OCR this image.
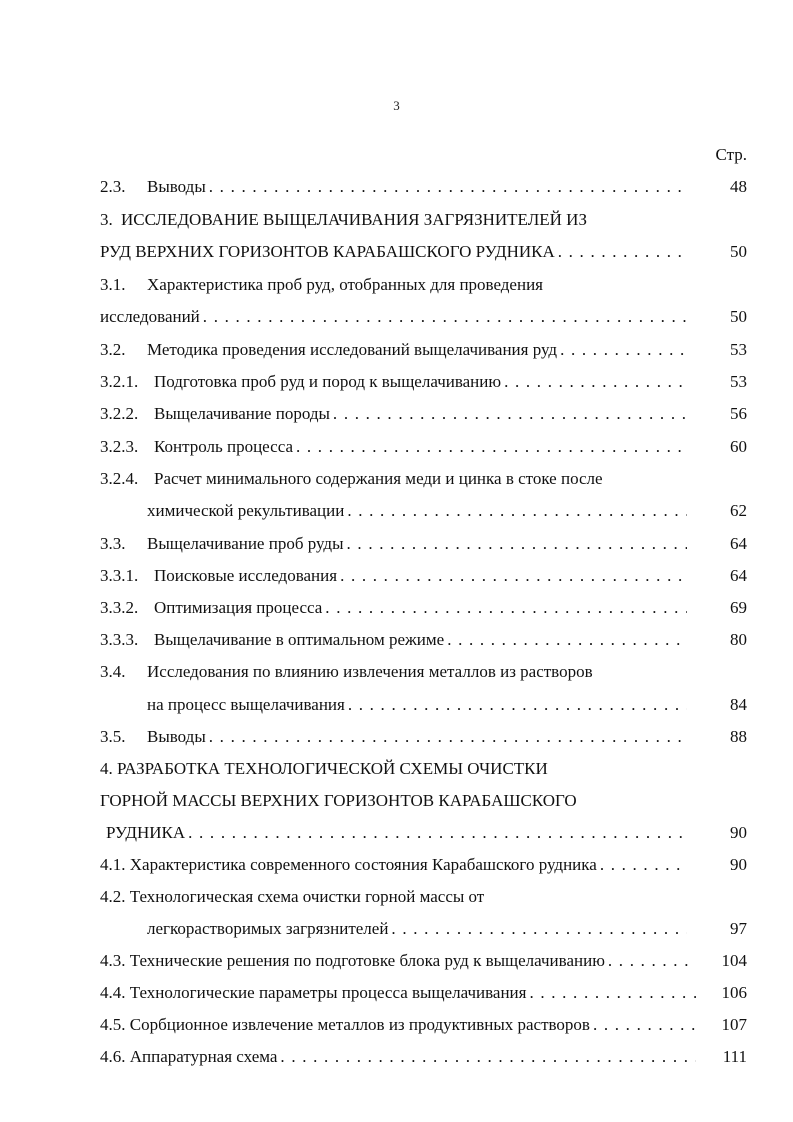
3
Стр.
2.3. Выводы . . .	48
3. ИССЛЕДОВАНИЕ ВЫЩЕЛАЧИВАНИЯ ЗАГРЯЗНИТЕЛЕЙ ИЗ
РУД ВЕРХНИХ ГОРИЗОНТОВ КАРАБАШСКОГО РУДНИКА . . .	50
3.1. Характеристика проб руд, отобранных для проведения
исследований . . .	50
3.2. Методика проведения исследований выщелачивания руд . . .	53
3.2.1. Подготовка проб руд и пород к выщелачиванию . . .	53
3.2.2. Выщелачивание породы . . .	56
3.2.3. Контроль процесса . . .	60
3.2.4. Расчет минимального содержания меди и цинка в стоке после
химической рекультивации . . .	62
3.3. Выщелачивание проб руды . . .	64
3.3.1. Поисковые исследования . . .	64
3.3.2. Оптимизация процесса . . .	69
3.3.3. Выщелачивание в оптимальном режиме . . .	80
3.4. Исследования по влиянию извлечения металлов из растворов
на процесс выщелачивания . . .	84
3.5. Выводы . . .	88
4. РАЗРАБОТКА ТЕХНОЛОГИЧЕСКОЙ СХЕМЫ ОЧИСТКИ
ГОРНОЙ МАССЫ ВЕРХНИХ ГОРИЗОНТОВ КАРАБАШСКОГО
РУДНИКА . . .	90
4.1. Характеристика современного состояния Карабашского рудника . . .	90
4.2. Технологическая схема очистки горной массы от
легкорастворимых загрязнителей . . .	97
4.3. Технические решения по подготовке блока руд к выщелачиванию . . .	104
4.4. Технологические параметры процесса выщелачивания . . .	106
4.5. Сорбционное извлечение металлов из продуктивных растворов . . .	107
4.6. Аппаратурная схема . . .	111
